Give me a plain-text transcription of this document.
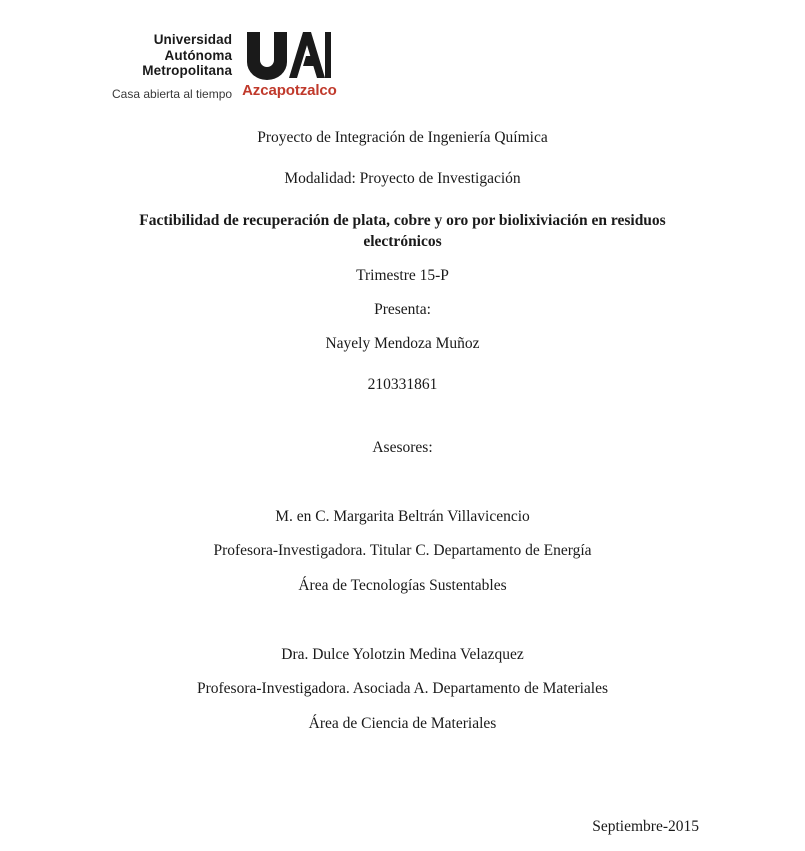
Universidad
Autónoma
Metropolitana
Casa abierta al tiempo Azcapotzalco
Proyecto de Integración de Ingeniería Química
Modalidad: Proyecto de Investigación
Factibilidad de recuperación de plata, cobre y oro por biolixiviación en residuos electrónicos
Trimestre 15-P
Presenta:
Nayely Mendoza Muñoz
210331861
Asesores:
M. en C. Margarita Beltrán Villavicencio
Profesora-Investigadora. Titular C. Departamento de Energía
Área de Tecnologías Sustentables
Dra. Dulce Yolotzin Medina Velazquez
Profesora-Investigadora. Asociada A. Departamento de Materiales
Área de Ciencia de Materiales
Septiembre-2015
